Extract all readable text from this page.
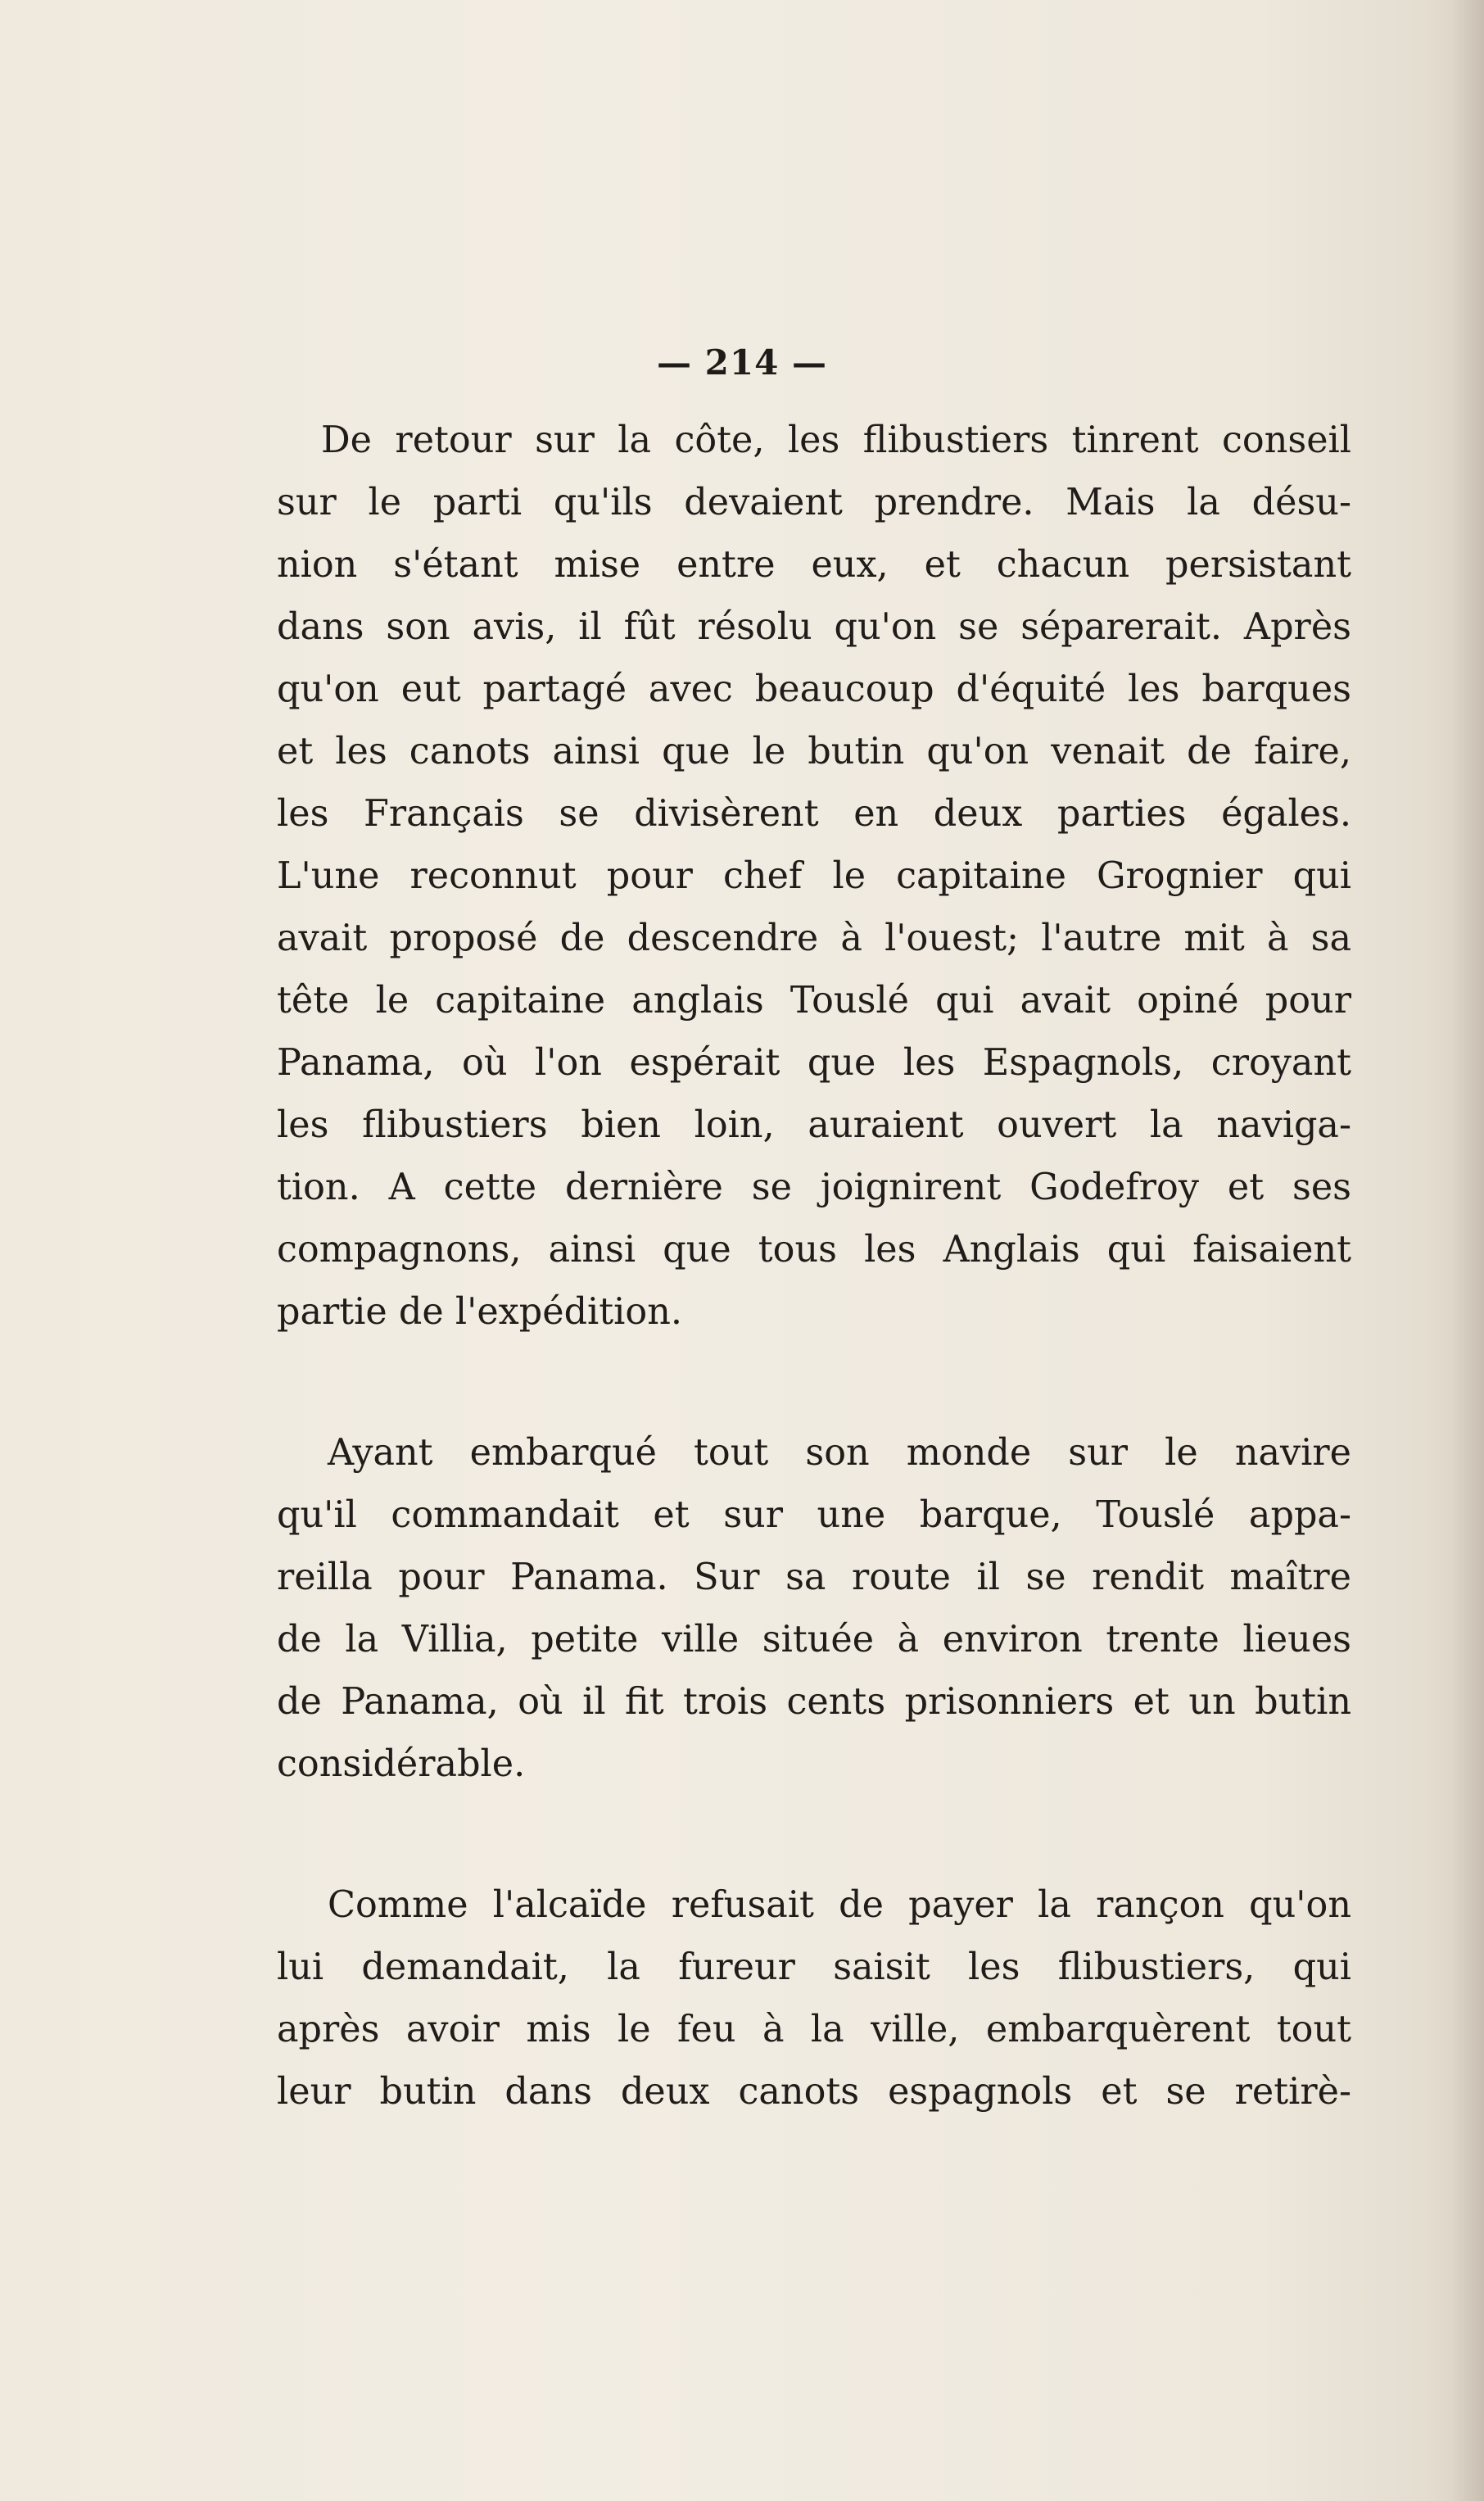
— 214 —
De retour sur la côte, les flibustiers tinrent conseil
sur le parti qu'ils devaient prendre. Mais la désu-
nion s'étant mise entre eux, et chacun persistant
dans son avis, il fût résolu qu'on se séparerait. Après
qu'on eut partagé avec beaucoup d'équité les barques
et les canots ainsi que le butin qu'on venait de faire,
les Français se divisèrent en deux parties égales.
L'une reconnut pour chef le capitaine Grognier qui
avait proposé de descendre à l'ouest; l'autre mit à sa
tête le capitaine anglais Touslé qui avait opiné pour
Panama, où l'on espérait que les Espagnols, croyant
les flibustiers bien loin, auraient ouvert la naviga-
tion. A cette dernière se joignirent Godefroy et ses
compagnons, ainsi que tous les Anglais qui faisaient
partie de l'expédition.
Ayant embarqué tout son monde sur le navire
qu'il commandait et sur une barque, Touslé appa-
reilla pour Panama. Sur sa route il se rendit maître
de la Villia, petite ville située à environ trente lieues
de Panama, où il fit trois cents prisonniers et un butin
considérable.
Comme l'alcaïde refusait de payer la rançon qu'on
lui demandait, la fureur saisit les flibustiers, qui
après avoir mis le feu à la ville, embarquèrent tout
leur butin dans deux canots espagnols et se retirè-
